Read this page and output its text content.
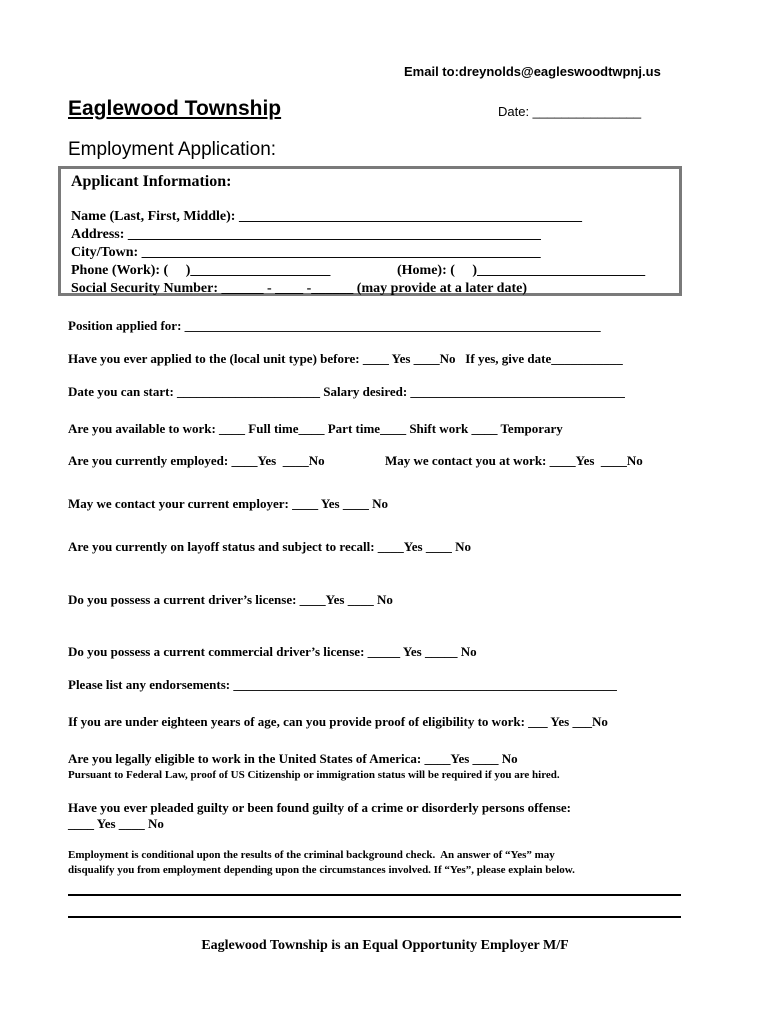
Email to:dreynolds@eagleswoodtwpnj.us
Eaglewood Township	Date: _______________
Employment Application:
Applicant Information:
Name (Last, First, Middle): _________________________________________________
Address: ___________________________________________________________
City/Town: _________________________________________________________
Phone (Work): (     )____________________	(Home): (     )________________________
Social Security Number: ______ - ____ -______ (may provide at a later date)
Position applied for: ________________________________________________________________
Have you ever applied to the (local unit type) before: ____ Yes ____No   If yes, give date___________
Date you can start: ______________________ Salary desired: _________________________________
Are you available to work: ____ Full time____ Part time____ Shift work ____ Temporary
Are you currently employed: ____Yes  ____No	May we contact you at work: ____Yes  ____No
May we contact your current employer: ____ Yes ____ No
Are you currently on layoff status and subject to recall: ____Yes ____ No
Do you possess a current driver’s license: ____Yes ____ No
Do you possess a current commercial driver’s license: _____ Yes _____ No
Please list any endorsements: ___________________________________________________________
If you are under eighteen years of age, can you provide proof of eligibility to work: ___ Yes ___No
Are you legally eligible to work in the United States of America: ____Yes ____ No
Pursuant to Federal Law, proof of US Citizenship or immigration status will be required if you are hired.
Have you ever pleaded guilty or been found guilty of a crime or disorderly persons offense:
____ Yes ____ No
Employment is conditional upon the results of the criminal background check.  An answer of “Yes” may
disqualify you from employment depending upon the circumstances involved. If “Yes”, please explain below.
Eaglewood Township is an Equal Opportunity Employer M/F
